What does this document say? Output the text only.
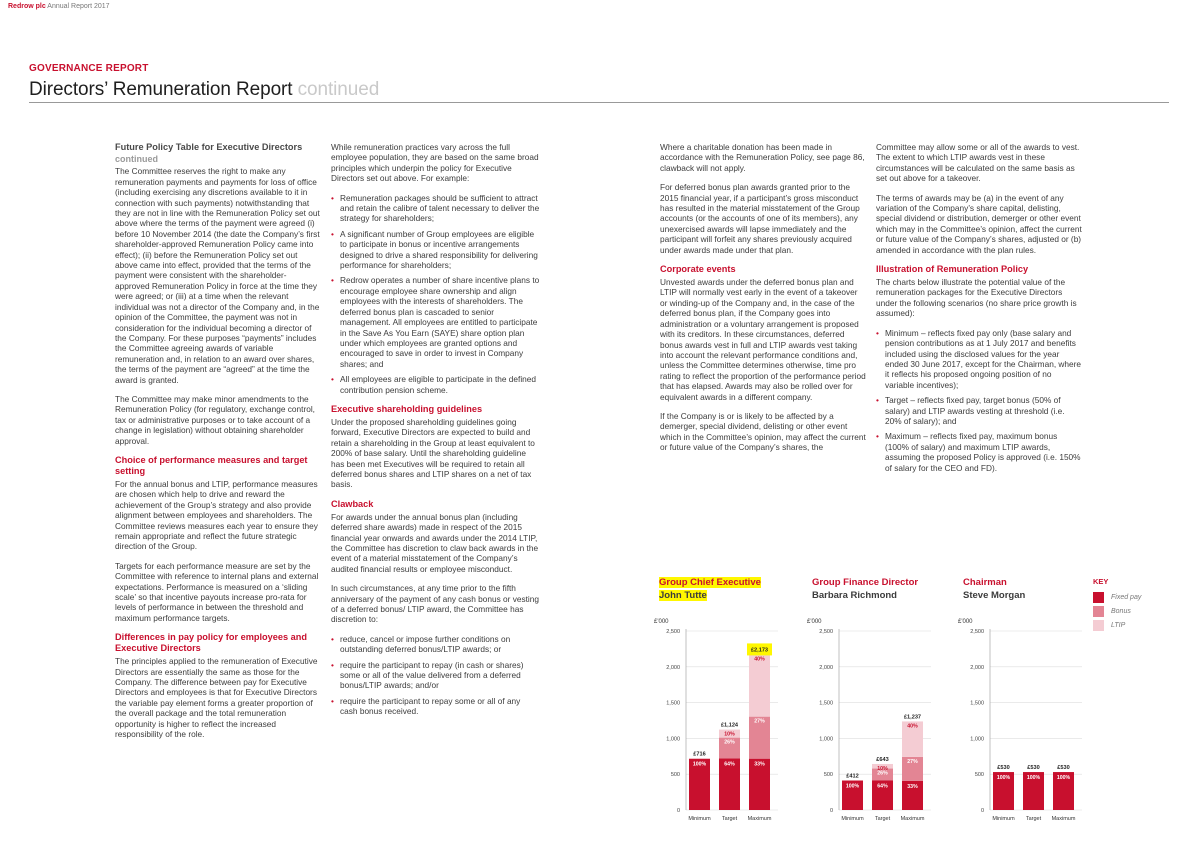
Redrow plc Annual Report 2017
GOVERNANCE REPORT
Directors’ Remuneration Report continued
Future Policy Table for Executive Directors
continued

The Committee reserves the right to make any remuneration payments and payments for loss of office (including exercising any discretions available to it in connection with such payments) notwithstanding that they are not in line with the Remuneration Policy set out above where the terms of the payment were agreed (i) before 10 November 2014 (the date the Company’s first shareholder-approved Remuneration Policy came into effect); (ii) before the Remuneration Policy set out above came into effect, provided that the terms of the payment were consistent with the shareholder-approved Remuneration Policy in force at the time they were agreed; or (iii) at a time when the relevant individual was not a director of the Company and, in the opinion of the Committee, the payment was not in consideration for the individual becoming a director of the Company. For these purposes “payments” includes the Committee agreeing awards of variable remuneration and, in relation to an award over shares, the terms of the payment are “agreed” at the time the award is granted.

The Committee may make minor amendments to the Remuneration Policy (for regulatory, exchange control, tax or administrative purposes or to take account of a change in legislation) without obtaining shareholder approval.

Choice of performance measures and target setting

For the annual bonus and LTIP, performance measures are chosen which help to drive and reward the achievement of the Group’s strategy and also provide alignment between employees and shareholders. The Committee reviews measures each year to ensure they remain appropriate and reflect the future strategic direction of the Group.

Targets for each performance measure are set by the Committee with reference to internal plans and external expectations. Performance is measured on a ‘sliding scale’ so that incentive payouts increase pro-rata for levels of performance in between the threshold and maximum performance targets.

Differences in pay policy for employees and Executive Directors

The principles applied to the remuneration of Executive Directors are essentially the same as those for the Company. The difference between pay for Executive Directors and employees is that for Executive Directors the variable pay element forms a greater proportion of the overall package and the total remuneration opportunity is higher to reflect the increased responsibility of the role.

While remuneration practices vary across the full employee population, they are based on the same broad principles which underpin the policy for Executive Directors set out above. For example:

• Remuneration packages should be sufficient to attract and retain the calibre of talent necessary to deliver the strategy for shareholders;
• A significant number of Group employees are eligible to participate in bonus or incentive arrangements designed to drive a shared responsibility for delivering performance for shareholders;
• Redrow operates a number of share incentive plans to encourage employee share ownership and align employees with the interests of shareholders. The deferred bonus plan is cascaded to senior management. All employees are entitled to participate in the Save As You Earn (SAYE) share option plan under which employees are granted options and encouraged to save in order to invest in Company shares; and
• All employees are eligible to participate in the defined contribution pension scheme.
Executive shareholding guidelines

Under the proposed shareholding guidelines going forward, Executive Directors are expected to build and retain a shareholding in the Group at least equivalent to 200% of base salary. Until the shareholding guideline has been met Executives will be required to retain all deferred bonus shares and LTIP shares on a net of tax basis.

Clawback

For awards under the annual bonus plan (including deferred share awards) made in respect of the 2015 financial year onwards and awards under the 2014 LTIP, the Committee has discretion to claw back awards in the event of a material misstatement of the Company’s audited financial results or employee misconduct.

In such circumstances, at any time prior to the fifth anniversary of the payment of any cash bonus or vesting of a deferred bonus/ LTIP award, the Committee has discretion to:

• reduce, cancel or impose further conditions on outstanding deferred bonus/LTIP awards; or
• require the participant to repay (in cash or shares) some or all of the value delivered from a deferred bonus/LTIP awards; and/or
• require the participant to repay some or all of any cash bonus received.

Where a charitable donation has been made in accordance with the Remuneration Policy, see page 86, clawback will not apply.

For deferred bonus plan awards granted prior to the 2015 financial year, if a participant’s gross misconduct has resulted in the material misstatement of the Group accounts (or the accounts of one of its members), any unexercised awards will lapse immediately and the participant will forfeit any shares previously acquired under awards made under that plan.

Corporate events

Unvested awards under the deferred bonus plan and LTIP will normally vest early in the event of a takeover or winding-up of the Company and, in the case of the deferred bonus plan, if the Company goes into administration or a voluntary arrangement is proposed with its creditors. In these circumstances, deferred bonus awards vest in full and LTIP awards vest taking into account the relevant performance conditions and, unless the Committee determines otherwise, time pro rating to reflect the proportion of the performance period that has elapsed. Awards may also be rolled over for equivalent awards in a different company.

If the Company is or is likely to be affected by a demerger, special dividend, delisting or other event which in the Committee’s opinion, may affect the current or future value of the Company’s shares, the

Committee may allow some or all of the awards to vest. The extent to which LTIP awards vest in these circumstances will be calculated on the same basis as set out above for a takeover.

The terms of awards may be (a) in the event of any variation of the Company’s share capital, delisting, special dividend or distribution, demerger or other event which may in the Committee’s opinion, affect the current or future value of the Company’s shares, adjusted or (b) amended in accordance with the plan rules.

Illustration of Remuneration Policy

The charts below illustrate the potential value of the remuneration packages for the Executive Directors under the following scenarios (no share price growth is assumed):

• Minimum – reflects fixed pay only (base salary and pension contributions as at 1 July 2017 and benefits included using the disclosed values for the year ended 30 June 2017, except for the Chairman, where it reflects his proposed ongoing position of no variable incentives);
• Target – reflects fixed pay, target bonus (50% of salary) and LTIP awards vesting at threshold (i.e. 20% of salary); and
• Maximum – reflects fixed pay, maximum bonus (100% of salary) and maximum LTIP awards, assuming the proposed Policy is approved (i.e. 150% of salary for the CEO and FD).
Group Chief Executive
John Tutte
Group Finance Director
Barbara Richmond
Chairman
Steve Morgan
£'000
0
500
1,000
1,500
2,000
2,500
100%
£716
Minimum
64%
26%
10%
£1,124
Target
33%
27%
40%
£2,173
Maximum
£'000
0
500
1,000
1,500
2,000
2,500
100%
£412
Minimum
64%
26%
10%
£643
Target
33%
27%
40%
£1,237
Maximum
£'000
0
500
1,000
1,500
2,000
2,500
100%
£530
Minimum
100%
£530
Target
100%
£530
Maximum
KEY
Fixed pay
Bonus
LTIP
